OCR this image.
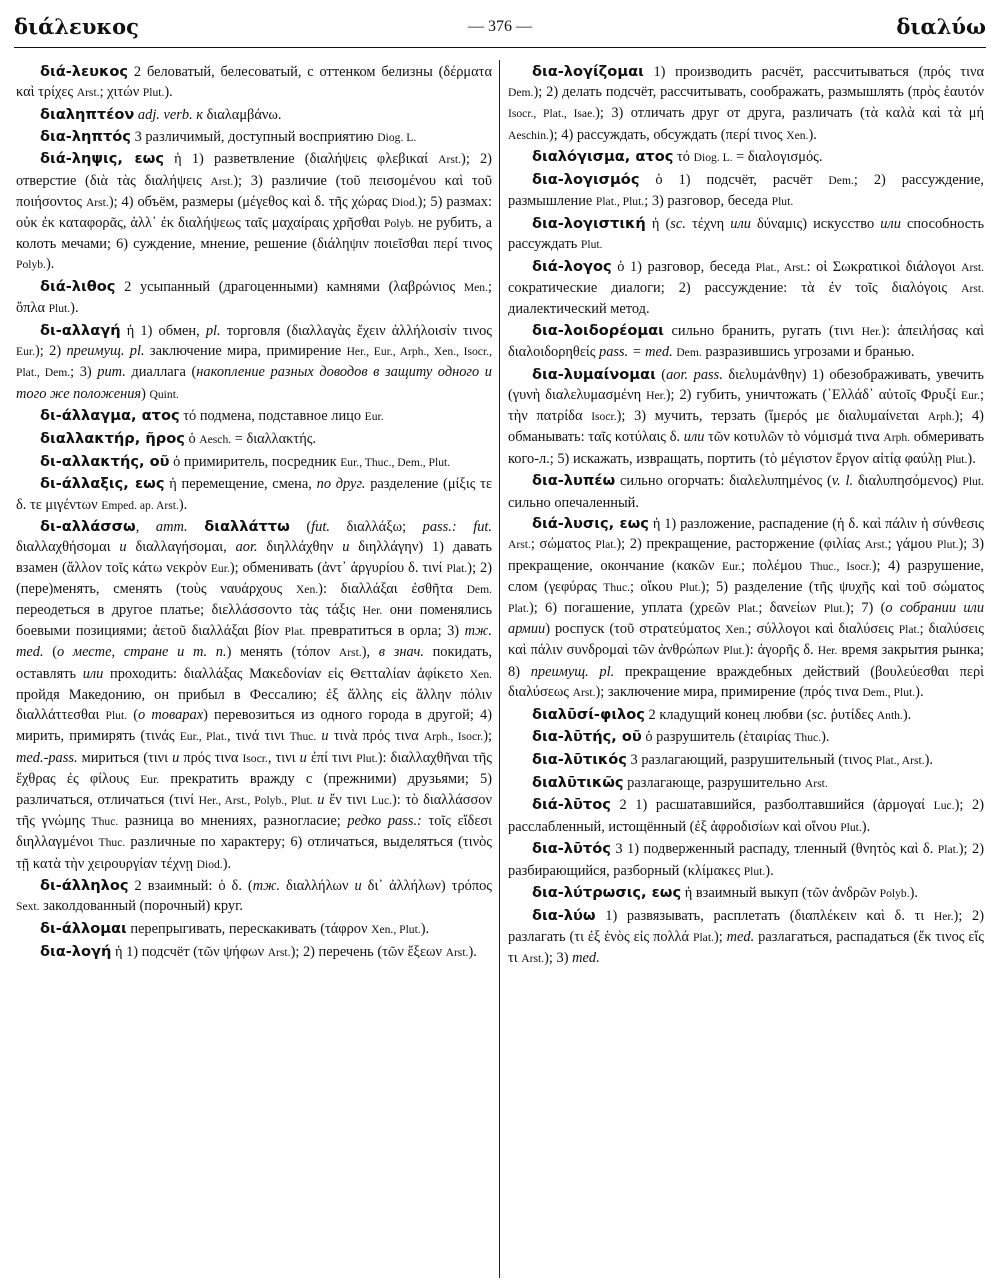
διάλευκος	— 376 —	διαλύω

διά-λευκος 2 беловатый, белесоватый, с оттенком белизны (δέρματα καὶ τρίχες Arst.; χιτών Plut.).

διαληπτέον adj. verb. к διαλαμβάνω.

δια-ληπτός 3 различимый, доступный восприятию Diog. L.

διά-ληψις, εως ἡ 1) разветвление (διαλήψεις φλεβικαί Arst.); 2) отверстие (διὰ τὰς διαλήψεις Arst.); 3) различие (τοῦ πεισομένου καὶ τοῦ ποιήσοντος Arst.); 4) объём, размеры (μέγεθος καὶ δ. τῆς χώρας Diod.); 5) размах: οὐκ ἐκ καταφορᾶς, ἀλλ᾿ ἐκ διαλήψεως ταῖς μαχαίραις χρῆσθαι Polyb. не рубить, а колоть мечами; 6) суждение, мнение, решение (διάληψιν ποιεῖσθαι περί τινος Polyb.).

διά-λιθος 2 усыпанный (драгоценными) камнями (λαβρώνιος Men.; ὅπλα Plut.).

δι-αλλαγή ἡ 1) обмен, pl. торговля (διαλλαγὰς ἔχειν ἀλλήλοισίν τινος Eur.); 2) преимущ. pl. заключение мира, примирение Her., Eur., Arph., Xen., Isocr., Plat., Dem.; 3) рит. диаллага (накопление разных доводов в защиту одного и того же положения) Quint.

δι-άλλαγμα, ατος τό подмена, подставное лицо Eur.

διαλλακτήρ, ῆρος ὁ Aesch. = διαλλακτής.

δι-αλλακτής, οῦ ὁ примиритель, посредник Eur., Thuc., Dem., Plut.

δι-άλλαξις, εως ἡ перемещение, смена, по друг. разделение (μίξις τε δ. τε μιγέντων Emped. ap. Arst.).

δι-αλλάσσω, атт. διαλλάττω (fut. διαλλάξω; pass.: fut. διαλλαχθήσομαι и διαλλαγήσομαι, aor. διηλλάχθην и διηλλάγην) 1) давать взамен (ἄλλον τοῖς κάτω νεκρὸν Eur.); обменивать (ἀντ᾿ ἀργυρίου δ. τινί Plat.); 2) (пере)менять, сменять (τοὺς ναυάρχους Xen.): διαλλάξαι ἐσθῆτα Dem. переодеться в другое платье; διελλάσσοντο τὰς τάξις Her. они поменялись боевыми позициями; ἀετοῦ διαλλάξαι βίον Plat. превратиться в орла; 3) тж. med. (о месте, стране и т. п.) менять (τόπον Arst.), в знач. покидать, оставлять или проходить: διαλλάξας Μακεδονίαν εἰς Θετταλίαν ἀφίκετο Xen. пройдя Македонию, он прибыл в Фессалию; ἐξ ἄλλης εἰς ἄλλην πόλιν διαλλάττεσθαι Plut. (о товарах) перевозиться из одного города в другой; 4) мирить, примирять (τινάς Eur., Plat., τινά τινι Thuc. и τινὰ πρός τινα Arph., Isocr.); med.-pass. мириться (τινι и πρός τινα Isocr., τινι и ἐπί τινι Plut.): διαλλαχθῆναι τῆς ἔχθρας ἐς φίλους Eur. прекратить вражду с (прежними) друзьями; 5) различаться, отличаться (τινί Her., Arst., Polyb., Plut. и ἔν τινι Luc.): τὸ διαλλάσσον τῆς γνώμης Thuc. разница во мнениях, разногласие; редко pass.: τοῖς εἴδεσι διηλλαγμένοι Thuc. различные по характеру; 6) отличаться, выделяться (τινὸς τῇ κατὰ τὴν χειρουργίαν τέχνῃ Diod.).

δι-άλληλος 2 взаимный: ὁ δ. (тж. διαλλήλων и δι᾿ ἀλλήλων) τρόπος Sext. заколдованный (порочный) круг.

δι-άλλομαι перепрыгивать, перескакивать (τάφρον Xen., Plut.).

δια-λογή ἡ 1) подсчёт (τῶν ψήφων Arst.); 2) перечень (τῶν ἕξεων Arst.).

δια-λογίζομαι 1) производить расчёт, рассчитываться (πρός τινα Dem.); 2) делать подсчёт, рассчитывать, соображать, размышлять (πρὸς ἑαυτόν Isocr., Plat., Isae.); 3) отличать друг от друга, различать (τὰ καλὰ καὶ τὰ μή Aeschin.); 4) рассуждать, обсуждать (περί τινος Xen.).

διαλόγισμα, ατος τό Diog. L. = διαλογισμός.

δια-λογισμός ὁ 1) подсчёт, расчёт Dem.; 2) рассуждение, размышление Plat., Plut.; 3) разговор, беседа Plut.

δια-λογιστική ἡ (sc. τέχνη или δύναμις) искусство или способность рассуждать Plut.

διά-λογος ὁ 1) разговор, беседа Plat., Arst.: οἱ Σωκρατικοὶ διάλογοι Arst. сократические диалоги; 2) рассуждение: τὰ ἐν τοῖς διαλόγοις Arst. диалектический метод.

δια-λοιδορέομαι сильно бранить, ругать (τινι Her.): ἀπειλήσας καὶ διαλοιδορηθείς pass. = med. Dem. разразившись угрозами и бранью.

δια-λυμαίνομαι (aor. pass. διελυμάνθην) 1) обезображивать, увечить (γυνὴ διαλελυμασμένη Her.); 2) губить, уничтожать (᾿Ελλάδ᾿ αὐτοῖς Φρυξί Eur.; τὴν πατρίδα Isocr.); 3) мучить, терзать (ἵμερός με διαλυμαίνεται Arph.); 4) обманывать: ταῖς κοτύλαις δ. или τῶν κοτυλῶν τὸ νόμισμά τινα Arph. обмеривать кого-л.; 5) искажать, извращать, портить (τὸ μέγιστον ἔργον αἰτίᾳ φαύλῃ Plut.).

δια-λυπέω сильно огорчать: διαλελυπημένος (v. l. διαλυπησόμενος) Plut. сильно опечаленный.

διά-λυσις, εως ἡ 1) разложение, распадение (ἡ δ. καὶ πάλιν ἡ σύνθεσις Arst.; σώματος Plat.); 2) прекращение, расторжение (φιλίας Arst.; γάμου Plut.); 3) прекращение, окончание (κακῶν Eur.; πολέμου Thuc., Isocr.); 4) разрушение, слом (γεφύρας Thuc.; οἴκου Plut.); 5) разделение (τῆς ψυχῆς καὶ τοῦ σώματος Plat.); 6) погашение, уплата (χρεῶν Plat.; δανείων Plut.); 7) (о собрании или армии) роспуск (τοῦ στρατεύματος Xen.; σύλλογοι καὶ διαλύσεις Plat.; διαλύσεις καὶ πάλιν συνδρομαὶ τῶν ἀνθρώπων Plut.): ἀγορῆς δ. Her. время закрытия рынка; 8) преимущ. pl. прекращение враждебных действий (βουλεύεσθαι περὶ διαλύσεως Arst.); заключение мира, примирение (πρός τινα Dem., Plut.).

διαλῡσί-φιλος 2 кладущий конец любви (sc. ῥυτίδες Anth.).

δια-λῡτής, οῦ ὁ разрушитель (ἑταιρίας Thuc.).

δια-λῡτικός 3 разлагающий, разрушительный (τινος Plat., Arst.).

διαλῡτικῶς разлагающе, разрушительно Arst.

διά-λῡτος 2 1) расшатавшийся, разболтавшийся (ἁρμογαί Luc.); 2) расслабленный, истощённый (ἐξ ἀφροδισίων καὶ οἴνου Plut.).

δια-λῡτός 3 1) подверженный распаду, тленный (θνητὸς καὶ δ. Plat.); 2) разбирающийся, разборный (κλίμακες Plut.).

δια-λύτρωσις, εως ἡ взаимный выкуп (τῶν ἀνδρῶν Polyb.).

δια-λύω 1) развязывать, расплетать (διαπλέκειν καὶ δ. τι Her.); 2) разлагать (τι ἐξ ἑνὸς εἰς πολλά Plat.); med. разлагаться, распадаться (ἔκ τινος εἴς τι Arst.); 3) med.
